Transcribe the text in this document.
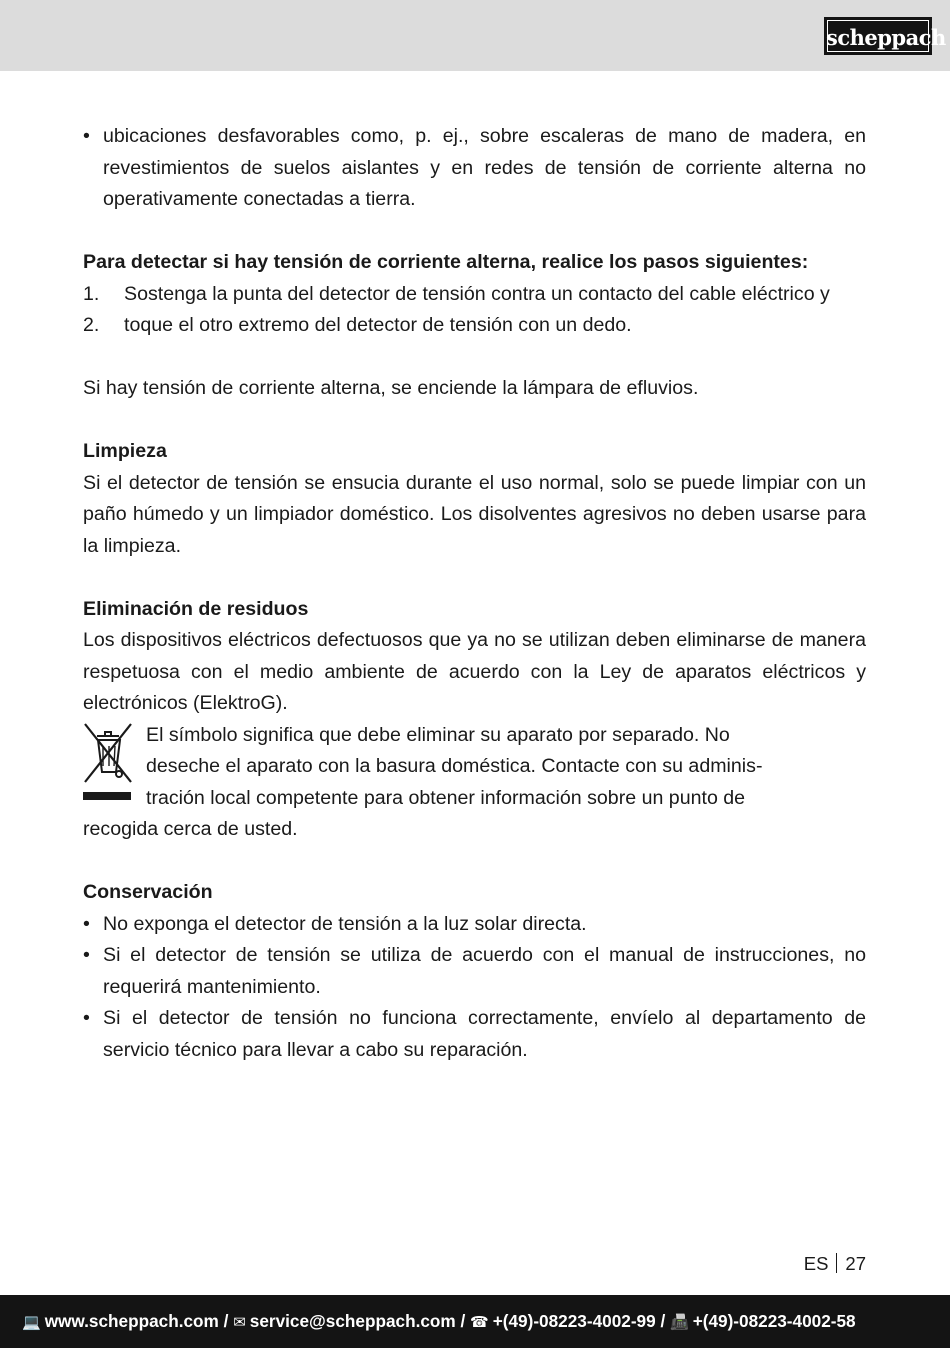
scheppach

• ubicaciones desfavorables como, p. ej., sobre escaleras de mano de madera, en revestimientos de suelos aislantes y en redes de tensión de corriente alterna no operativamente conectadas a tierra.

Para detectar si hay tensión de corriente alterna, realice los pasos siguientes:

1. Sostenga la punta del detector de tensión contra un contacto del cable eléctrico y

2. toque el otro extremo del detector de tensión con un dedo.

Si hay tensión de corriente alterna, se enciende la lámpara de efluvios.

Limpieza

Si el detector de tensión se ensucia durante el uso normal, solo se puede limpiar con un paño húmedo y un limpiador doméstico. Los disolventes agresivos no deben usarse para la limpieza.

Eliminación de residuos

Los dispositivos eléctricos defectuosos que ya no se utilizan deben eliminarse de manera respetuosa con el medio ambiente de acuerdo con la Ley de aparatos eléctricos y electrónicos (ElektroG).

El símbolo significa que debe eliminar su aparato por separado. No

deseche el aparato con la basura doméstica. Contacte con su adminis-

tración local competente para obtener información sobre un punto de

recogida cerca de usted.

Conservación

• No exponga el detector de tensión a la luz solar directa.

• Si el detector de tensión se utiliza de acuerdo con el manual de instrucciones, no requerirá mantenimiento.

• Si el detector de tensión no funciona correctamente, envíelo al departamento de servicio técnico para llevar a cabo su reparación.

ES 27
💻 www.scheppach.com / ✉ service@scheppach.com / ☎ +(49)-08223-4002-99 / 📠 +(49)-08223-4002-58
